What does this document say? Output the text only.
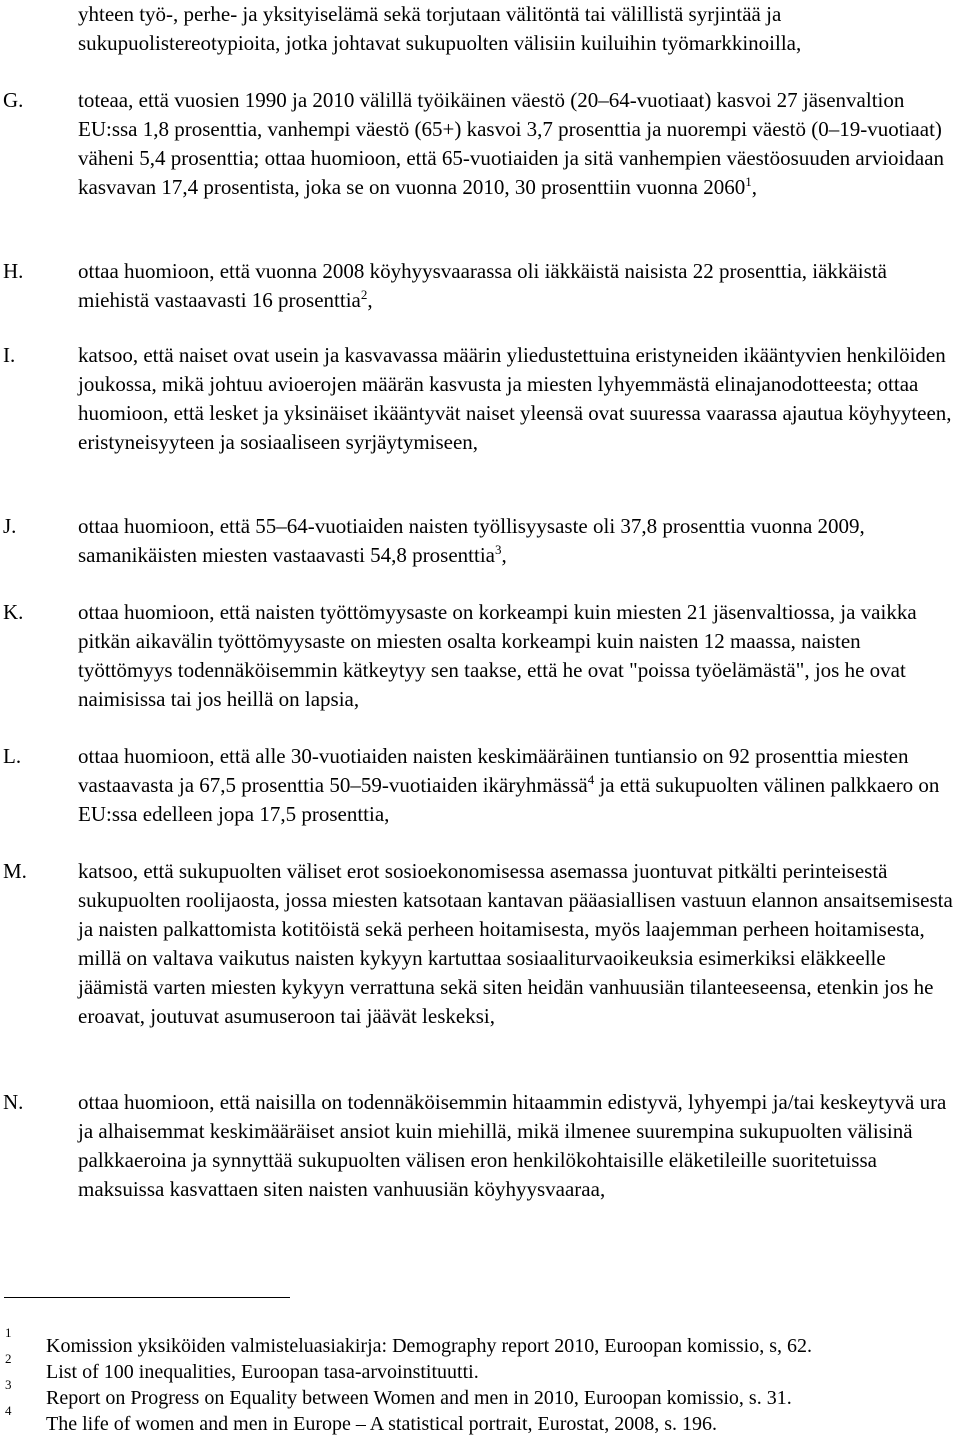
yhteen työ-, perhe- ja yksityiselämä sekä torjutaan välitöntä tai välillistä syrjintää ja sukupuolistereotypioita, jotka johtavat sukupuolten välisiin kuiluihin työmarkkinoilla,

G.	toteaa, että vuosien 1990 ja 2010 välillä työikäinen väestö (20–64-vuotiaat) kasvoi 27 jäsenvaltion EU:ssa 1,8 prosenttia, vanhempi väestö (65+) kasvoi 3,7 prosenttia ja nuorempi väestö (0–19-vuotiaat) väheni 5,4 prosenttia; ottaa huomioon, että 65-vuotiaiden ja sitä vanhempien väestöosuuden arvioidaan kasvavan 17,4 prosentista, joka se on vuonna 2010, 30 prosenttiin vuonna 2060$^1$,
H.	ottaa huomioon, että vuonna 2008 köyhyysvaarassa oli iäkkäistä naisista 22 prosenttia, iäkkäistä miehistä vastaavasti 16 prosenttia$^2$,
I.	katsoo, että naiset ovat usein ja kasvavassa määrin yliedustettuina eristyneiden ikääntyvien henkilöiden joukossa, mikä johtuu avioerojen määrän kasvusta ja miesten lyhyemmästä elinajanodotteesta; ottaa huomioon, että lesket ja yksinäiset ikääntyvät naiset yleensä ovat suuressa vaarassa ajautua köyhyyteen, eristyneisyyteen ja sosiaaliseen syrjäytymiseen,
J.	ottaa huomioon, että 55–64-vuotiaiden naisten työllisyysaste oli 37,8 prosenttia vuonna 2009, samanikäisten miesten vastaavasti 54,8 prosenttia$^3$,
K.	ottaa huomioon, että naisten työttömyysaste on korkeampi kuin miesten 21 jäsenvaltiossa, ja vaikka pitkän aikavälin työttömyysaste on miesten osalta korkeampi kuin naisten 12 maassa, naisten työttömyys todennäköisemmin kätkeytyy sen taakse, että he ovat "poissa työelämästä", jos he ovat naimisissa tai jos heillä on lapsia,
L.	ottaa huomioon, että alle 30-vuotiaiden naisten keskimääräinen tuntiansio on 92 prosenttia miesten vastaavasta ja 67,5 prosenttia 50–59-vuotiaiden ikäryhmässä$^4$ ja että sukupuolten välinen palkkaero on EU:ssa edelleen jopa 17,5 prosenttia,
M.	katsoo, että sukupuolten väliset erot sosioekonomisessa asemassa juontuvat pitkälti perinteisestä sukupuolten roolijaosta, jossa miesten katsotaan kantavan pääasiallisen vastuun elannon ansaitsemisesta ja naisten palkattomista kotitöistä sekä perheen hoitamisesta, myös laajemman perheen hoitamisesta, millä on valtava vaikutus naisten kykyyn kartuttaa sosiaaliturvaoikeuksia esimerkiksi eläkkeelle jäämistä varten miesten kykyyn verrattuna sekä siten heidän vanhuusiän tilanteeseensa, etenkin jos he eroavat, joutuvat asumuseroon tai jäävät leskeksi,
N.	ottaa huomioon, että naisilla on todennäköisemmin hitaammin edistyvä, lyhyempi ja/tai keskeytyvä ura ja alhaisemmat keskimääräiset ansiot kuin miehillä, mikä ilmenee suurempina sukupuolten välisinä palkkaeroina ja synnyttää sukupuolten välisen eron henkilökohtaisille eläketileille suoritetuissa maksuissa kasvattaen siten naisten vanhuusiän köyhyysvaaraa,
1
Komission yksiköiden valmisteluasiakirja: Demography report 2010, Euroopan komissio, s, 62.
2
List of 100 inequalities, Euroopan tasa-arvoinstituutti.
3
Report on Progress on Equality between Women and men in 2010, Euroopan komissio, s. 31.
4
The life of women and men in Europe – A statistical portrait, Eurostat, 2008, s. 196.
